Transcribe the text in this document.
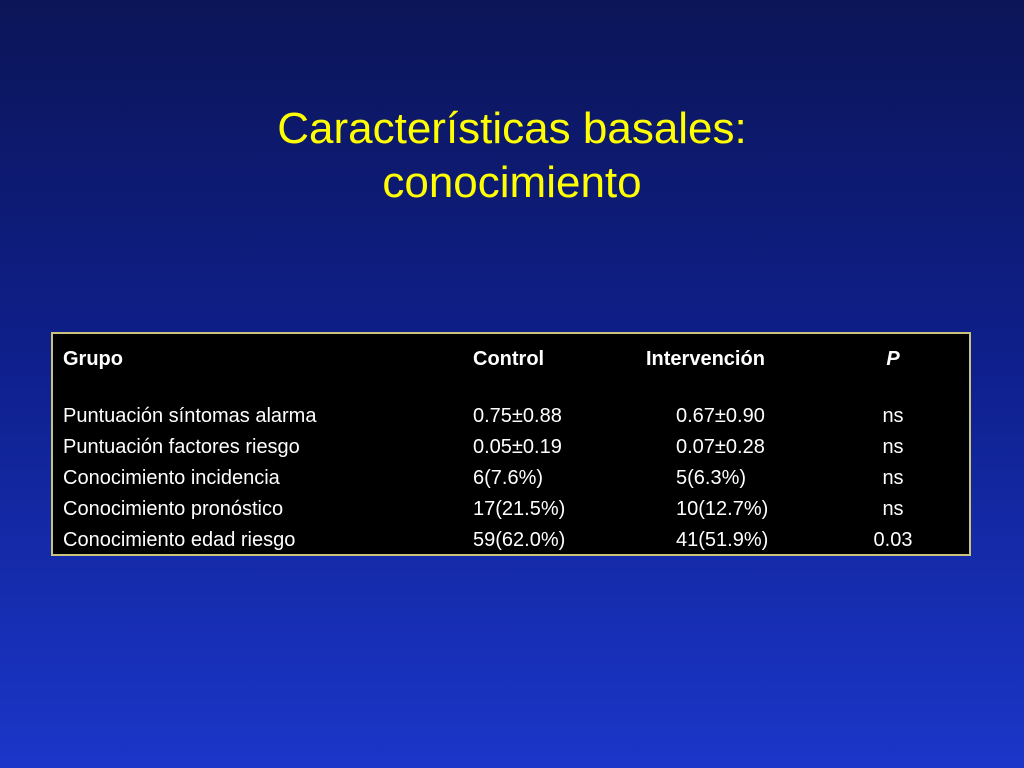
Características basales:
conocimiento
Grupo	Control	Intervención	P
Puntuación síntomas alarma	0.75±0.88	0.67±0.90	ns
Puntuación factores riesgo	0.05±0.19	0.07±0.28	ns
Conocimiento incidencia	6(7.6%)	5(6.3%)	ns
Conocimiento pronóstico	17(21.5%)	10(12.7%)	ns
Conocimiento edad riesgo	59(62.0%)	41(51.9%)	0.03
